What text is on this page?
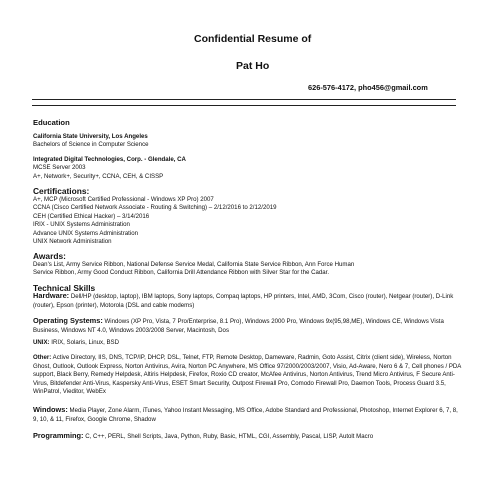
Confidential Resume of
Pat Ho
626-576-4172, pho456@gmail.com
Education
California State University, Los Angeles
Bachelors of Science in Computer Science
Integrated Digital Technologies, Corp. - Glendale, CA
MCSE Server 2003
A+, Network+, Security+, CCNA, CEH, & CISSP
Certifications:
A+, MCP (Microsoft Certified Professional - Windows XP Pro) 2007
CCNA (Cisco Certified Network Associate - Routing & Switching) – 2/12/2016 to 2/12/2019
CEH (Certified Ethical Hacker) – 3/14/2016
IRIX - UNIX Systems Administration
Advance UNIX Systems Administration
UNIX Network Administration
Awards:
Dean's List, Army Service Ribbon, National Defense Service Medal, California State Service Ribbon, Ann Force Human
Service Ribbon, Army Good Conduct Ribbon, California Drill Attendance Ribbon with Silver Star for the Cadar.
Technical Skills
Hardware: Dell/HP (desktop, laptop), IBM laptops, Sony laptops, Compaq laptops, HP printers, Intel, AMD, 3Com, Cisco (router), Netgear (router), D-Link (router), Epson (printer), Motorola (DSL and cable modems)
Operating Systems: Windows (XP Pro, Vista, 7 Pro/Enterprise, 8.1 Pro), Windows 2000 Pro, Windows 9x(95,98,ME), Windows CE, Windows Vista Business, Windows NT 4.0, Windows 2003/2008 Server, Macintosh, Dos
UNIX: IRIX, Solaris, Linux, BSD
Other: Active Directory, IIS, DNS, TCP/IP, DHCP, DSL, Telnet, FTP, Remote Desktop, Dameware, Radmin, Goto Assist, Citrix (client side), Wireless, Norton Ghost, Outlook, Outlook Express, Norton Antivirus, Avira, Norton PC Anywhere, MS Office 97/2000/2003/2007, Visio, Ad-Aware, Nero 6 & 7, Cell phones / PDA support, Black Berry, Remedy Helpdesk, Altiris Helpdesk, Firefox, Roxio CD creator, McAfee Antivirus, Norton Antivirus, Trend Micro Antivirus, F Secure Anti-Virus, Bitdefender Anti-Virus, Kaspersky Anti-Virus, ESET Smart Security, Outpost Firewall Pro, Comodo Firewall Pro, Daemon Tools, Process Guard 3.5, WinPatrol, Vieditor, WebEx
Windows: Media Player, Zone Alarm, iTunes, Yahoo Instant Messaging, MS Office, Adobe Standard and Professional, Photoshop, Internet Explorer 6, 7, 8, 9, 10, & 11, Firefox, Google Chrome, Shadow
Programming: C, C++, PERL, Shell Scripts, Java, Python, Ruby, Basic, HTML, CGI, Assembly, Pascal, LISP, Autolt Macro
